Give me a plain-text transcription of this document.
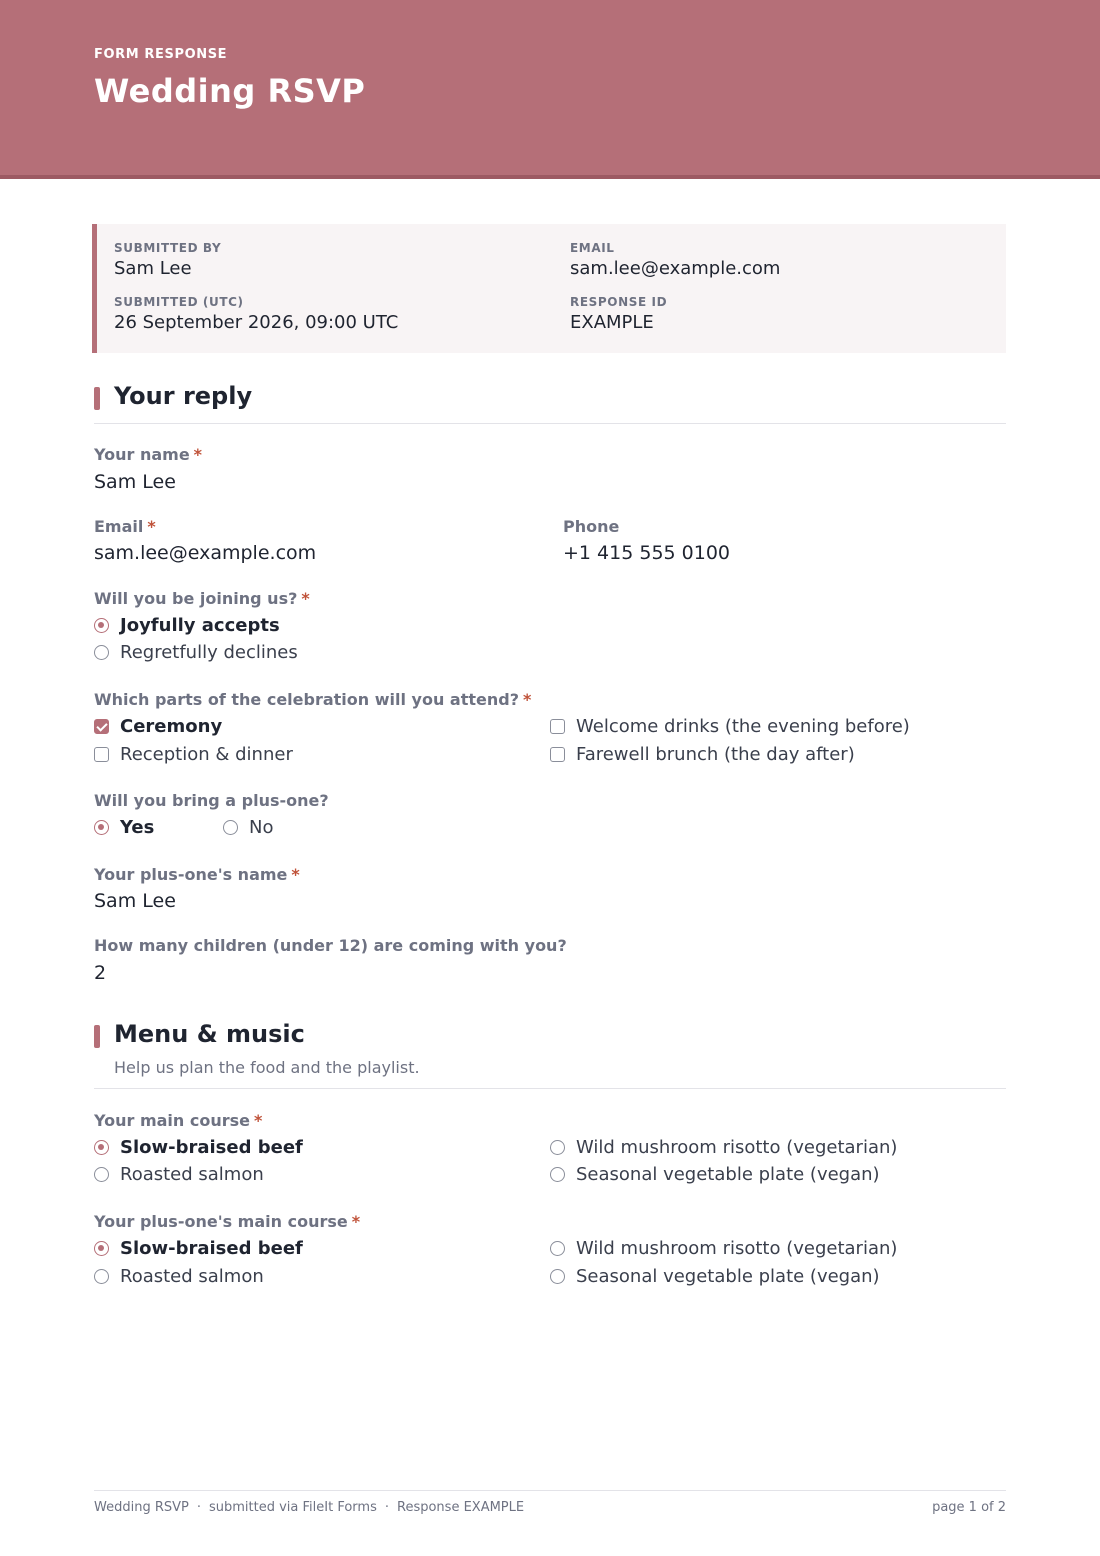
FORM RESPONSE
Wedding RSVP
SUBMITTED BY
Sam Lee
EMAIL
sam.lee@example.com
SUBMITTED (UTC)
26 September 2026, 09:00 UTC
RESPONSE ID
EXAMPLE
Your reply
Your name *
Sam Lee
Email *
sam.lee@example.com
Phone
+1 415 555 0100
Will you be joining us? *
Joyfully accepts
Regretfully declines
Which parts of the celebration will you attend? *
Ceremony
Reception & dinner
Welcome drinks (the evening before)
Farewell brunch (the day after)
Will you bring a plus-one?
Yes	No
Your plus-one's name *
Sam Lee
How many children (under 12) are coming with you?
2
Menu & music
Help us plan the food and the playlist.
Your main course *
Slow-braised beef
Roasted salmon
Wild mushroom risotto (vegetarian)
Seasonal vegetable plate (vegan)
Your plus-one's main course *
Slow-braised beef
Roasted salmon
Wild mushroom risotto (vegetarian)
Seasonal vegetable plate (vegan)
Wedding RSVP · submitted via FileIt Forms · Response EXAMPLE	page 1 of 2
